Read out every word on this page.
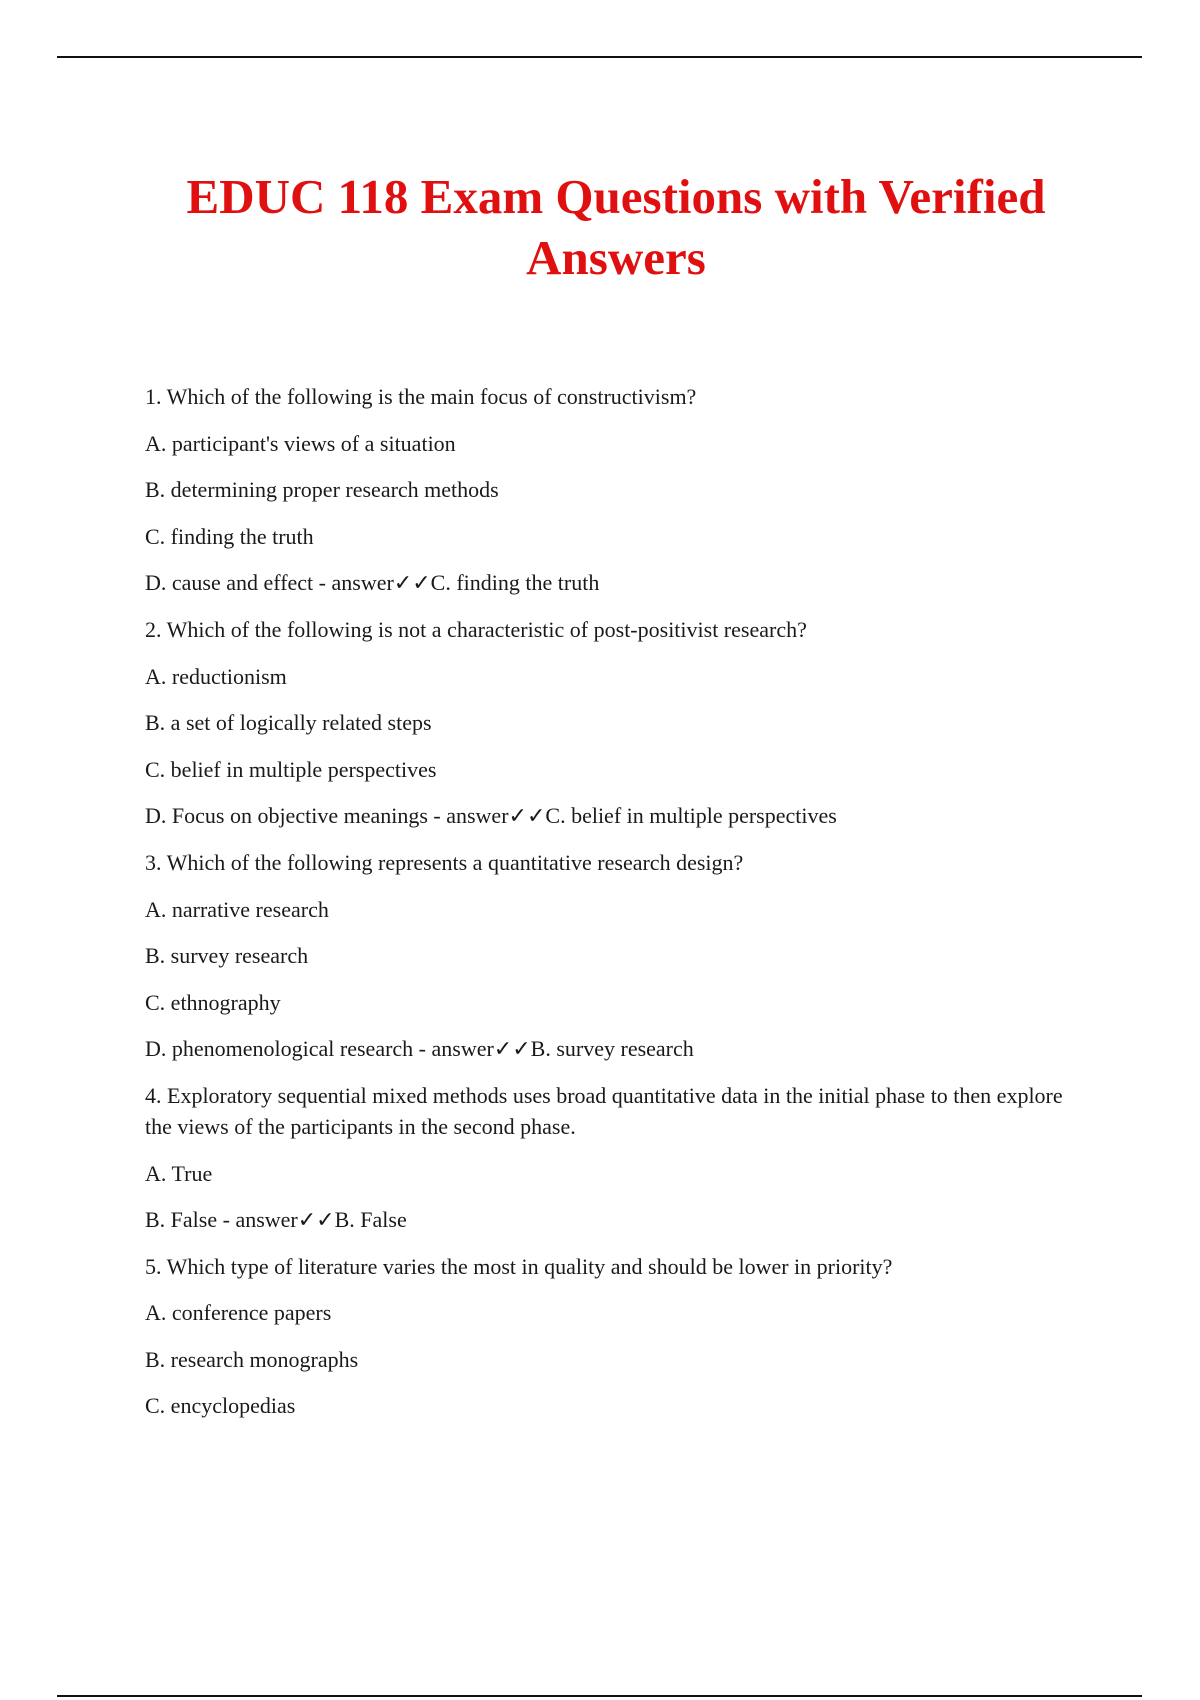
EDUC 118 Exam Questions with Verified Answers

1. Which of the following is the main focus of constructivism?

A. participant's views of a situation

B. determining proper research methods

C. finding the truth

D. cause and effect - answer✓✓C. finding the truth

2. Which of the following is not a characteristic of post-positivist research?

A. reductionism

B. a set of logically related steps

C. belief in multiple perspectives

D. Focus on objective meanings - answer✓✓C. belief in multiple perspectives

3. Which of the following represents a quantitative research design?

A. narrative research

B. survey research

C. ethnography

D. phenomenological research - answer✓✓B. survey research

4. Exploratory sequential mixed methods uses broad quantitative data in the initial phase to then explore the views of the participants in the second phase.

A. True

B. False - answer✓✓B. False

5. Which type of literature varies the most in quality and should be lower in priority?

A. conference papers

B. research monographs

C. encyclopedias
